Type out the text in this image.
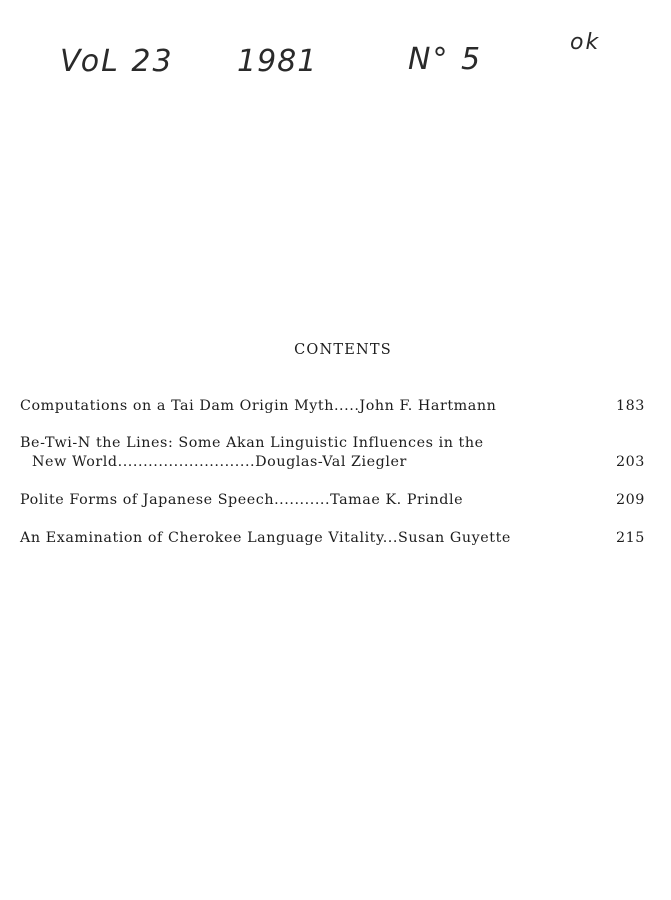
VoL 23 1981	N° 5	ok
CONTENTS
Computations on a Tai Dam Origin Myth.....John F. Hartmann	183
Be-Twi-N the Lines: Some Akan Linguistic Influences in the
New World...........................Douglas-Val Ziegler	203
Polite Forms of Japanese Speech...........Tamae K. Prindle	209
An Examination of Cherokee Language Vitality...Susan Guyette	215
